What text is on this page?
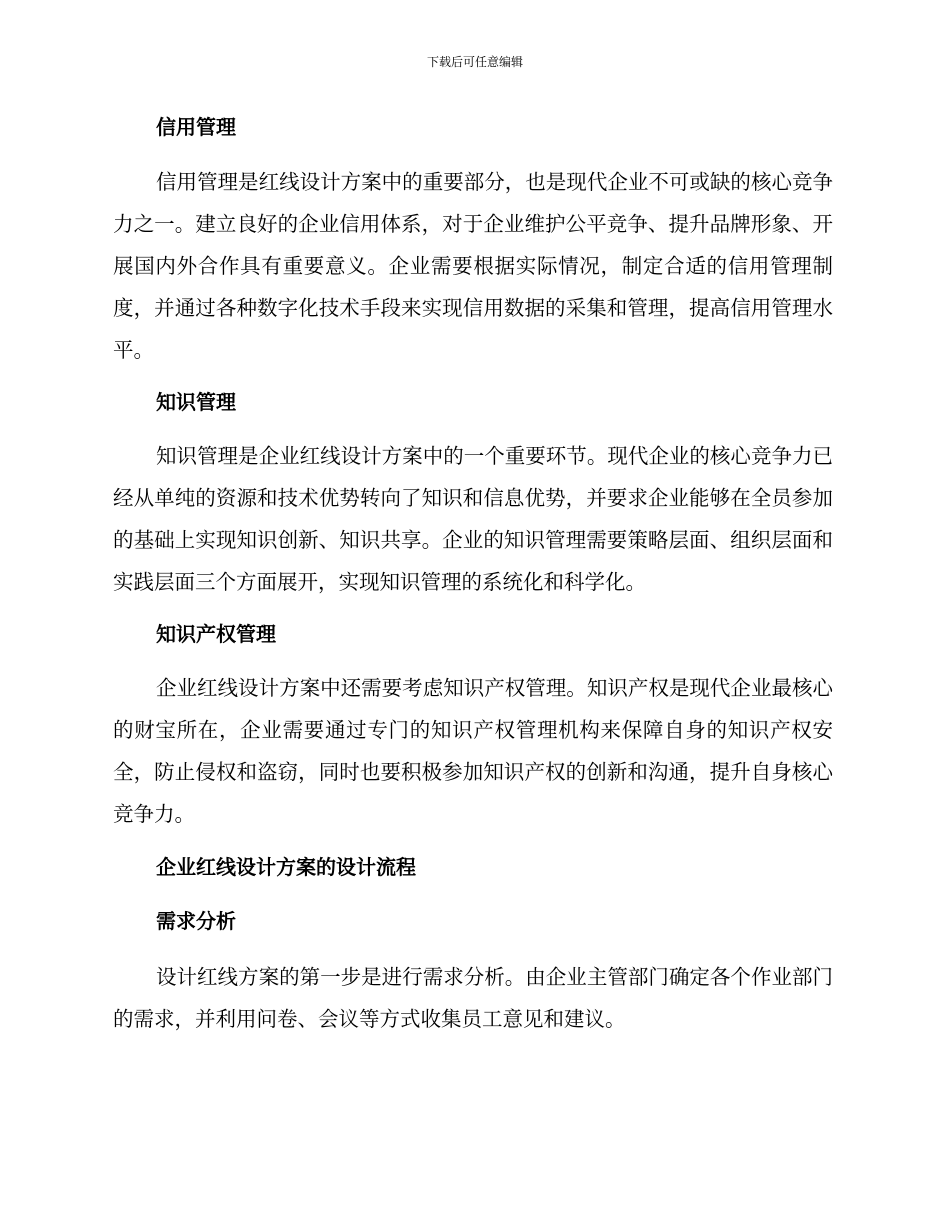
下载后可任意编辑
信用管理

信用管理是红线设计方案中的重要部分，也是现代企业不可或缺的核心竞争力之一。建立良好的企业信用体系，对于企业维护公平竞争、提升品牌形象、开展国内外合作具有重要意义。企业需要根据实际情况，制定合适的信用管理制度，并通过各种数字化技术手段来实现信用数据的采集和管理，提高信用管理水平。

知识管理

知识管理是企业红线设计方案中的一个重要环节。现代企业的核心竞争力已经从单纯的资源和技术优势转向了知识和信息优势，并要求企业能够在全员参加的基础上实现知识创新、知识共享。企业的知识管理需要策略层面、组织层面和实践层面三个方面展开，实现知识管理的系统化和科学化。

知识产权管理

企业红线设计方案中还需要考虑知识产权管理。知识产权是现代企业最核心的财宝所在，企业需要通过专门的知识产权管理机构来保障自身的知识产权安全，防止侵权和盗窃，同时也要积极参加知识产权的创新和沟通，提升自身核心竞争力。

企业红线设计方案的设计流程
需求分析

设计红线方案的第一步是进行需求分析。由企业主管部门确定各个作业部门的需求，并利用问卷、会议等方式收集员工意见和建议。
